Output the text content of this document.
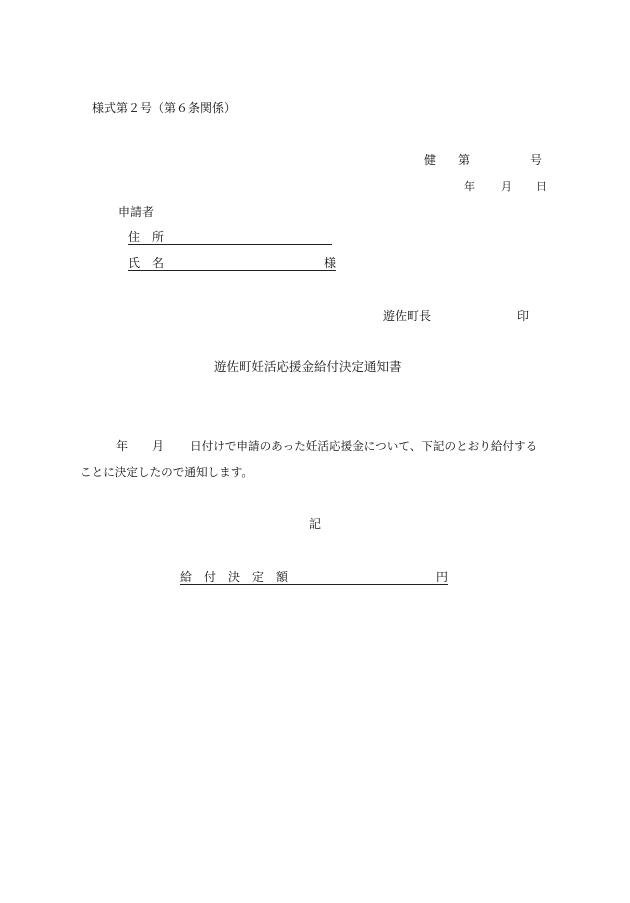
様式第２号（第６条関係）
健 第	号
年 月 日
申請者
住　所
氏　名	様
遊佐町長	印
遊佐町妊活応援金給付決定通知書
年 月 日付けで申請のあった妊活応援金について、下記のとおり給付する
ことに決定したので通知します。
記
給　付　決　定　額	円
